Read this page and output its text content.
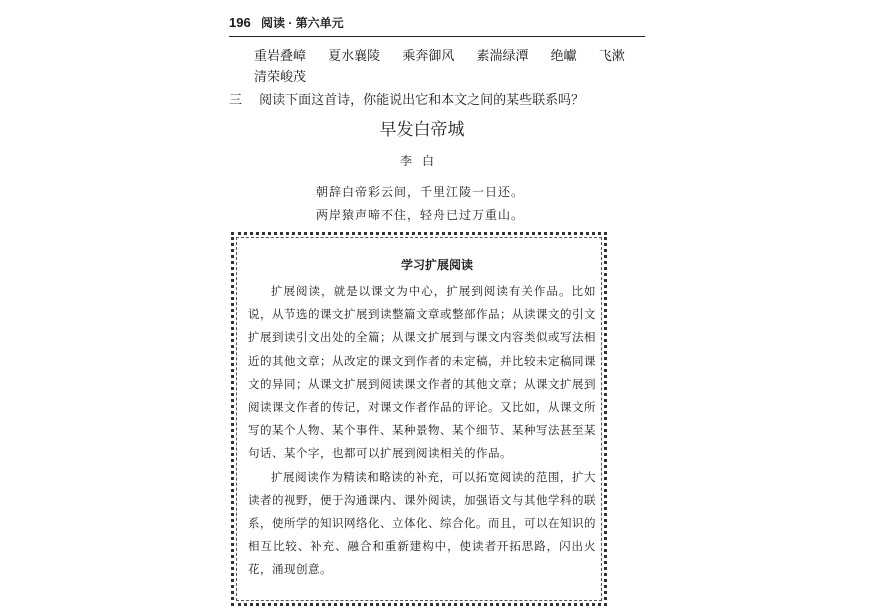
196 阅读 · 第六单元
重岩叠嶂 夏水襄陵 乘奔御风 素湍绿潭 绝巘 飞漱 清荣峻茂
三 阅读下面这首诗，你能说出它和本文之间的某些联系吗？
早发白帝城
李白
朝辞白帝彩云间，千里江陵一日还。
两岸猿声啼不住，轻舟已过万重山。
学习扩展阅读

扩展阅读，就是以课文为中心，扩展到阅读有关作品。比如说，从节选的课文扩展到读整篇文章或整部作品；从读课文的引文扩展到读引文出处的全篇；从课文扩展到与课文内容类似或写法相近的其他文章；从改定的课文到作者的未定稿，并比较未定稿同课文的异同；从课文扩展到阅读课文作者的其他文章；从课文扩展到阅读课文作者的传记，对课文作者作品的评论。又比如，从课文所写的某个人物、某个事件、某种景物、某个细节、某种写法甚至某句话、某个字，也都可以扩展到阅读相关的作品。

扩展阅读作为精读和略读的补充，可以拓宽阅读的范围，扩大读者的视野，便于沟通课内、课外阅读，加强语文与其他学科的联系，使所学的知识网络化、立体化、综合化。而且，可以在知识的相互比较、补充、融合和重新建构中，使读者开拓思路，闪出火花，涌现创意。
